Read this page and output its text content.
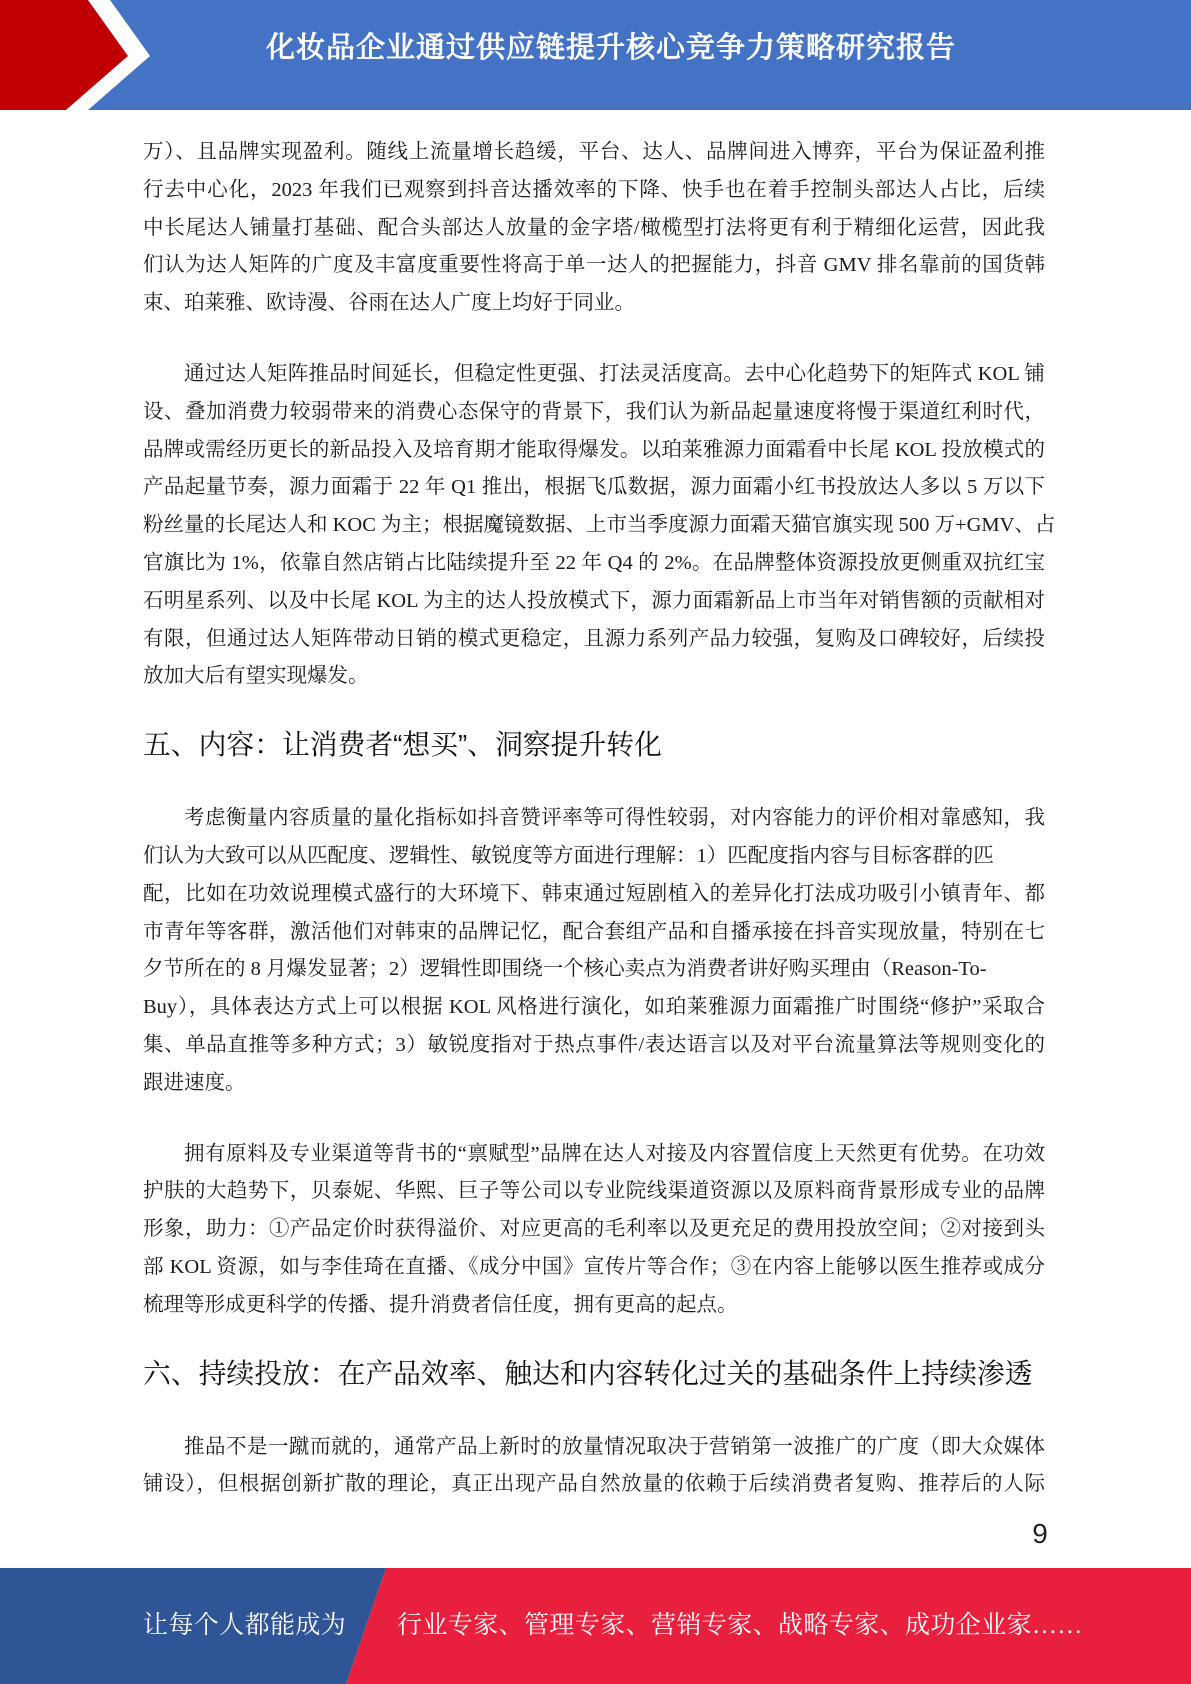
化妆品企业通过供应链提升核心竞争力策略研究报告
万）、且品牌实现盈利。随线上流量增长趋缓，平台、达人、品牌间进入博弈，平台为保证盈利推
行去中心化，2023 年我们已观察到抖音达播效率的下降、快手也在着手控制头部达人占比，后续
中长尾达人铺量打基础、配合头部达人放量的金字塔/橄榄型打法将更有利于精细化运营，因此我
们认为达人矩阵的广度及丰富度重要性将高于单一达人的把握能力，抖音 GMV 排名靠前的国货韩
束、珀莱雅、欧诗漫、谷雨在达人广度上均好于同业。
通过达人矩阵推品时间延长，但稳定性更强、打法灵活度高。去中心化趋势下的矩阵式 KOL 铺
设、叠加消费力较弱带来的消费心态保守的背景下，我们认为新品起量速度将慢于渠道红利时代，
品牌或需经历更长的新品投入及培育期才能取得爆发。以珀莱雅源力面霜看中长尾 KOL 投放模式的
产品起量节奏，源力面霜于 22 年 Q1 推出，根据飞瓜数据，源力面霜小红书投放达人多以 5 万以下
粉丝量的长尾达人和 KOC 为主；根据魔镜数据、上市当季度源力面霜天猫官旗实现 500 万+GMV、占
官旗比为 1%，依靠自然店销占比陆续提升至 22 年 Q4 的 2%。在品牌整体资源投放更侧重双抗红宝
石明星系列、以及中长尾 KOL 为主的达人投放模式下，源力面霜新品上市当年对销售额的贡献相对
有限，但通过达人矩阵带动日销的模式更稳定，且源力系列产品力较强，复购及口碑较好，后续投
放加大后有望实现爆发。
五、内容：让消费者“想买”、洞察提升转化
考虑衡量内容质量的量化指标如抖音赞评率等可得性较弱，对内容能力的评价相对靠感知，我
们认为大致可以从匹配度、逻辑性、敏锐度等方面进行理解：1）匹配度指内容与目标客群的匹
配，比如在功效说理模式盛行的大环境下、韩束通过短剧植入的差异化打法成功吸引小镇青年、都
市青年等客群，激活他们对韩束的品牌记忆，配合套组产品和自播承接在抖音实现放量，特别在七
夕节所在的 8 月爆发显著；2）逻辑性即围绕一个核心卖点为消费者讲好购买理由（Reason-To-
Buy），具体表达方式上可以根据 KOL 风格进行演化，如珀莱雅源力面霜推广时围绕“修护”采取合
集、单品直推等多种方式；3）敏锐度指对于热点事件/表达语言以及对平台流量算法等规则变化的
跟进速度。
拥有原料及专业渠道等背书的“禀赋型”品牌在达人对接及内容置信度上天然更有优势。在功效
护肤的大趋势下，贝泰妮、华熙、巨子等公司以专业院线渠道资源以及原料商背景形成专业的品牌
形象，助力：①产品定价时获得溢价、对应更高的毛利率以及更充足的费用投放空间；②对接到头
部 KOL 资源，如与李佳琦在直播、《成分中国》宣传片等合作；③在内容上能够以医生推荐或成分
梳理等形成更科学的传播、提升消费者信任度，拥有更高的起点。
六、持续投放：在产品效率、触达和内容转化过关的基础条件上持续渗透
推品不是一蹴而就的，通常产品上新时的放量情况取决于营销第一波推广的广度（即大众媒体
铺设），但根据创新扩散的理论，真正出现产品自然放量的依赖于后续消费者复购、推荐后的人际
9
让每个人都能成为 行业专家、管理专家、营销专家、战略专家、成功企业家……
